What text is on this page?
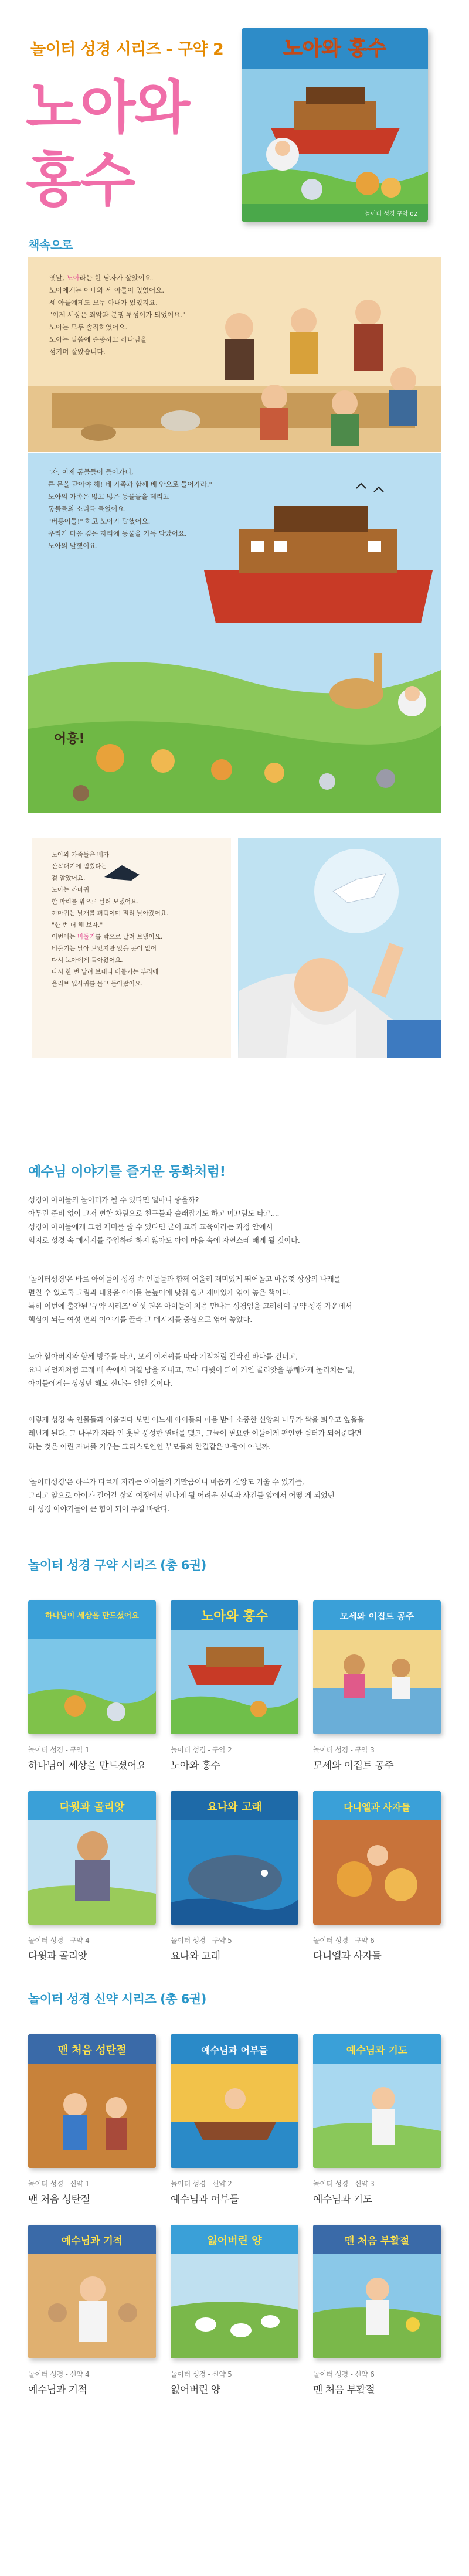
놀이터 성경 시리즈 - 구약 2
노아와
홍수
노아와 홍수
놀이터 성경 구약 02
책속으로
옛날, 노아라는 한 남자가 살았어요.
노아에게는 아내와 세 아들이 있었어요.
세 아들에게도 모두 아내가 있었지요.
"이제 세상은 죄악과 분쟁 투성이가 되었어요."
노아는 모두 솔직하였어요.
노아는 말씀에 순종하고 하나님을
섬기며 살았습니다.
"자, 이제 동물들이 들어가니,
큰 문을 닫아야 해! 네 가족과 함께 배 안으로 들어가라."
노아의 가족은 많고 많은 동물들을 데리고
동물들의 소리를 들었어요.
"버흥이들!" 하고 노아가 말했어요.
우리가 마음 깊은 자리에 동물을 가득 담았어요.
노아의 말했어요.
어흥!
노아와 가족들은 배가
산꼭대기에 멈췄다는
걸 알았어요.
노아는 까마귀
한 마리를 밖으로 날려 보냈어요.
까마귀는 날개를 퍼덕이며 멀리 날아갔어요.
"한 번 더 해 보자."
이번에는 비둘기를 밖으로 날려 보냈어요.
비둘기는 날아 보았지만 앉을 곳이 없어
다시 노아에게 돌아왔어요.
다시 한 번 날려 보내니 비둘기는 부리에
올리브 잎사귀를 물고 돌아왔어요.
예수님 이야기를 즐거운 동화처럼!
성경이 아이들의 놀이터가 될 수 있다면 얼마나 좋을까?
아무런 준비 없이 그저 편한 차림으로 친구들과 술래잡기도 하고 미끄럼도 타고....
성경이 아이들에게 그런 재미를 줄 수 있다면 굳이 교리 교육이라는 과정 안에서
억지로 성경 속 메시지를 주입하려 하지 않아도 아이 마음 속에 자연스레 배게 될 것이다.
'놀이터성경'은 바로 아이들이 성경 속 인물들과 함께 어울려 재미있게 뛰어놀고 마음껏 상상의 나래를
펼칠 수 있도록 그림과 내용을 아이들 눈높이에 맞춰 쉽고 재미있게 엮어 놓은 책이다.
특히 이번에 출간된 '구약 시리즈' 여섯 권은 아이들이 처음 만나는 성경임을 고려하여 구약 성경 가운데서
핵심이 되는 여섯 편의 이야기를 골라 그 메시지를 중심으로 엮어 놓았다.
노아 할아버지와 함께 방주를 타고, 모세 이저씨를 따라 기적처럼 갈라진 바다를 건너고,
요나 예언자처럼 고래 배 속에서 며칠 밤을 지내고, 꼬마 다윗이 되어 거인 골리앗을 통쾌하게 물리치는 일,
아이들에게는 상상만 해도 신나는 일일 것이다.
이렇게 성경 속 인물들과 어울리다 보면 어느새 아이들의 마음 밭에 소중한 신앙의 나무가 싹을 틔우고 잎을을
레닌게 된다. 그 나무가 자라 언 훗날 풍성한 열매를 맺고, 그늘이 필요한 이들에게 편안한 쉼터가 되어준다면
하는 것은 어린 자녀를 키우는 그리스도인인 부모들의 한결같은 바람이 아닐까.
'놀이터성경'은 하루가 다르게 자라는 아이들의 키만큼이나 마음과 신앙도 키울 수 있기를,
그리고 앞으로 아이가 걸어갈 삶의 여정에서 만나게 될 어려운 선택과 사건들 앞에서 어떻 게 되었던
이 성경 이야기들이 큰 힘이 되어 주길 바란다.
놀이터 성경 구약 시리즈 (총 6권)
하나님이 세상을 만드셨어요
놀이터 성경 - 구약 1
하나님이 세상을 만드셨어요
노아와 홍수
놀이터 성경 - 구약 2
노아와 홍수
모세와 이집트 공주
놀이터 성경 - 구약 3
모세와 이집트 공주
다윗과 골리앗
놀이터 성경 - 구약 4
다윗과 골리앗
요나와 고래
놀이터 성경 - 구약 5
요나와 고래
다니엘과 사자들
놀이터 성경 - 구약 6
다니엘과 사자들
놀이터 성경 신약 시리즈 (총 6권)
맨 처음 성탄절
놀이터 성경 - 신약 1
맨 처음 성탄절
예수님과 어부들
놀이터 성경 - 신약 2
예수님과 어부들
예수님과 기도
놀이터 성경 - 신약 3
예수님과 기도
예수님과 기적
놀이터 성경 - 신약 4
예수님과 기적
잃어버린 양
놀이터 성경 - 신약 5
잃어버린 양
맨 처음 부활절
놀이터 성경 - 신약 6
맨 처음 부활절
